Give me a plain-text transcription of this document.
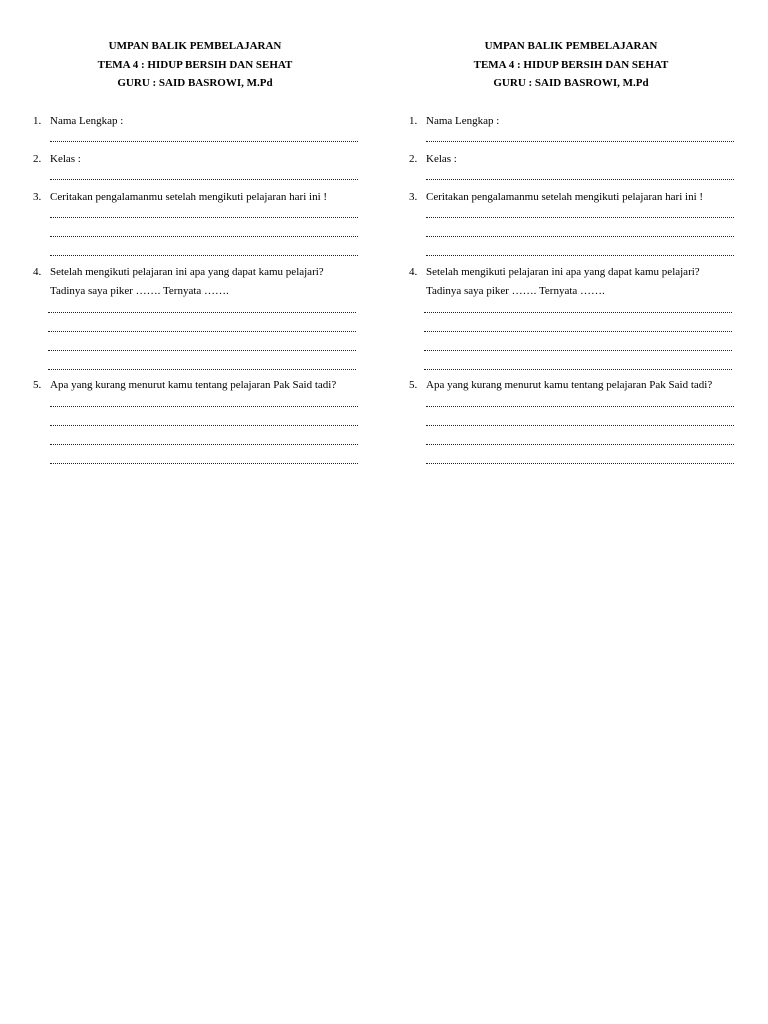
UMPAN BALIK PEMBELAJARAN
TEMA 4 : HIDUP BERSIH DAN SEHAT
GURU : SAID BASROWI, M.Pd
1. Nama Lengkap :
2. Kelas :
3. Ceritakan pengalamanmu setelah mengikuti pelajaran hari ini !
4. Setelah mengikuti pelajaran ini apa yang dapat kamu pelajari?
Tadinya saya piker ……. Ternyata …….
5. Apa yang kurang menurut kamu tentang pelajaran Pak Said tadi?
UMPAN BALIK PEMBELAJARAN
TEMA 4 : HIDUP BERSIH DAN SEHAT
GURU : SAID BASROWI, M.Pd
1. Nama Lengkap :
2. Kelas :
3. Ceritakan pengalamanmu setelah mengikuti pelajaran hari ini !
4. Setelah mengikuti pelajaran ini apa yang dapat kamu pelajari?
Tadinya saya piker ……. Ternyata …….
5. Apa yang kurang menurut kamu tentang pelajaran Pak Said tadi?
